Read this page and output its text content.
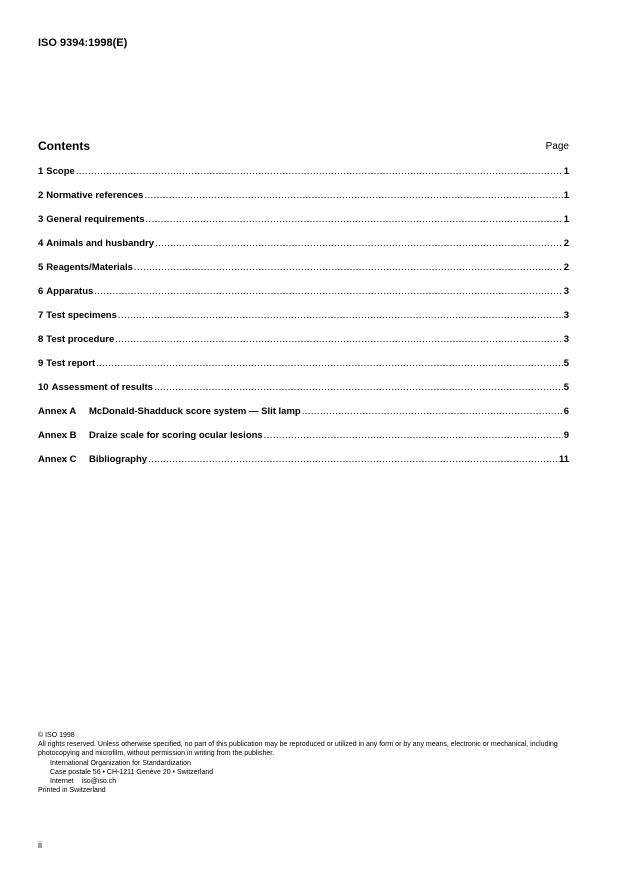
ISO 9394:1998(E)
Contents	Page
1 Scope .....	1
2 Normative references .....	1
3 General requirements .....	1
4 Animals and husbandry .....	2
5 Reagents/Materials .....	2
6 Apparatus .....	3
7 Test specimens .....	3
8 Test procedure .....	3
9 Test report .....	5
10 Assessment of results .....	5
Annex A	McDonald-Shadduck score system — Slit lamp .....	6
Annex B	Draize scale for scoring ocular lesions .....	9
Annex C	Bibliography .....	11
© ISO 1998
All rights reserved. Unless otherwise specified, no part of this publication may be reproduced or utilized in any form or by any means, electronic or mechanical, including photocopying and microfilm, without permission in writing from the publisher.
International Organization for Standardization
Case postale 56 • CH-1211 Genève 20 • Switzerland
Internet iso@iso.ch
Printed in Switzerland
ii
